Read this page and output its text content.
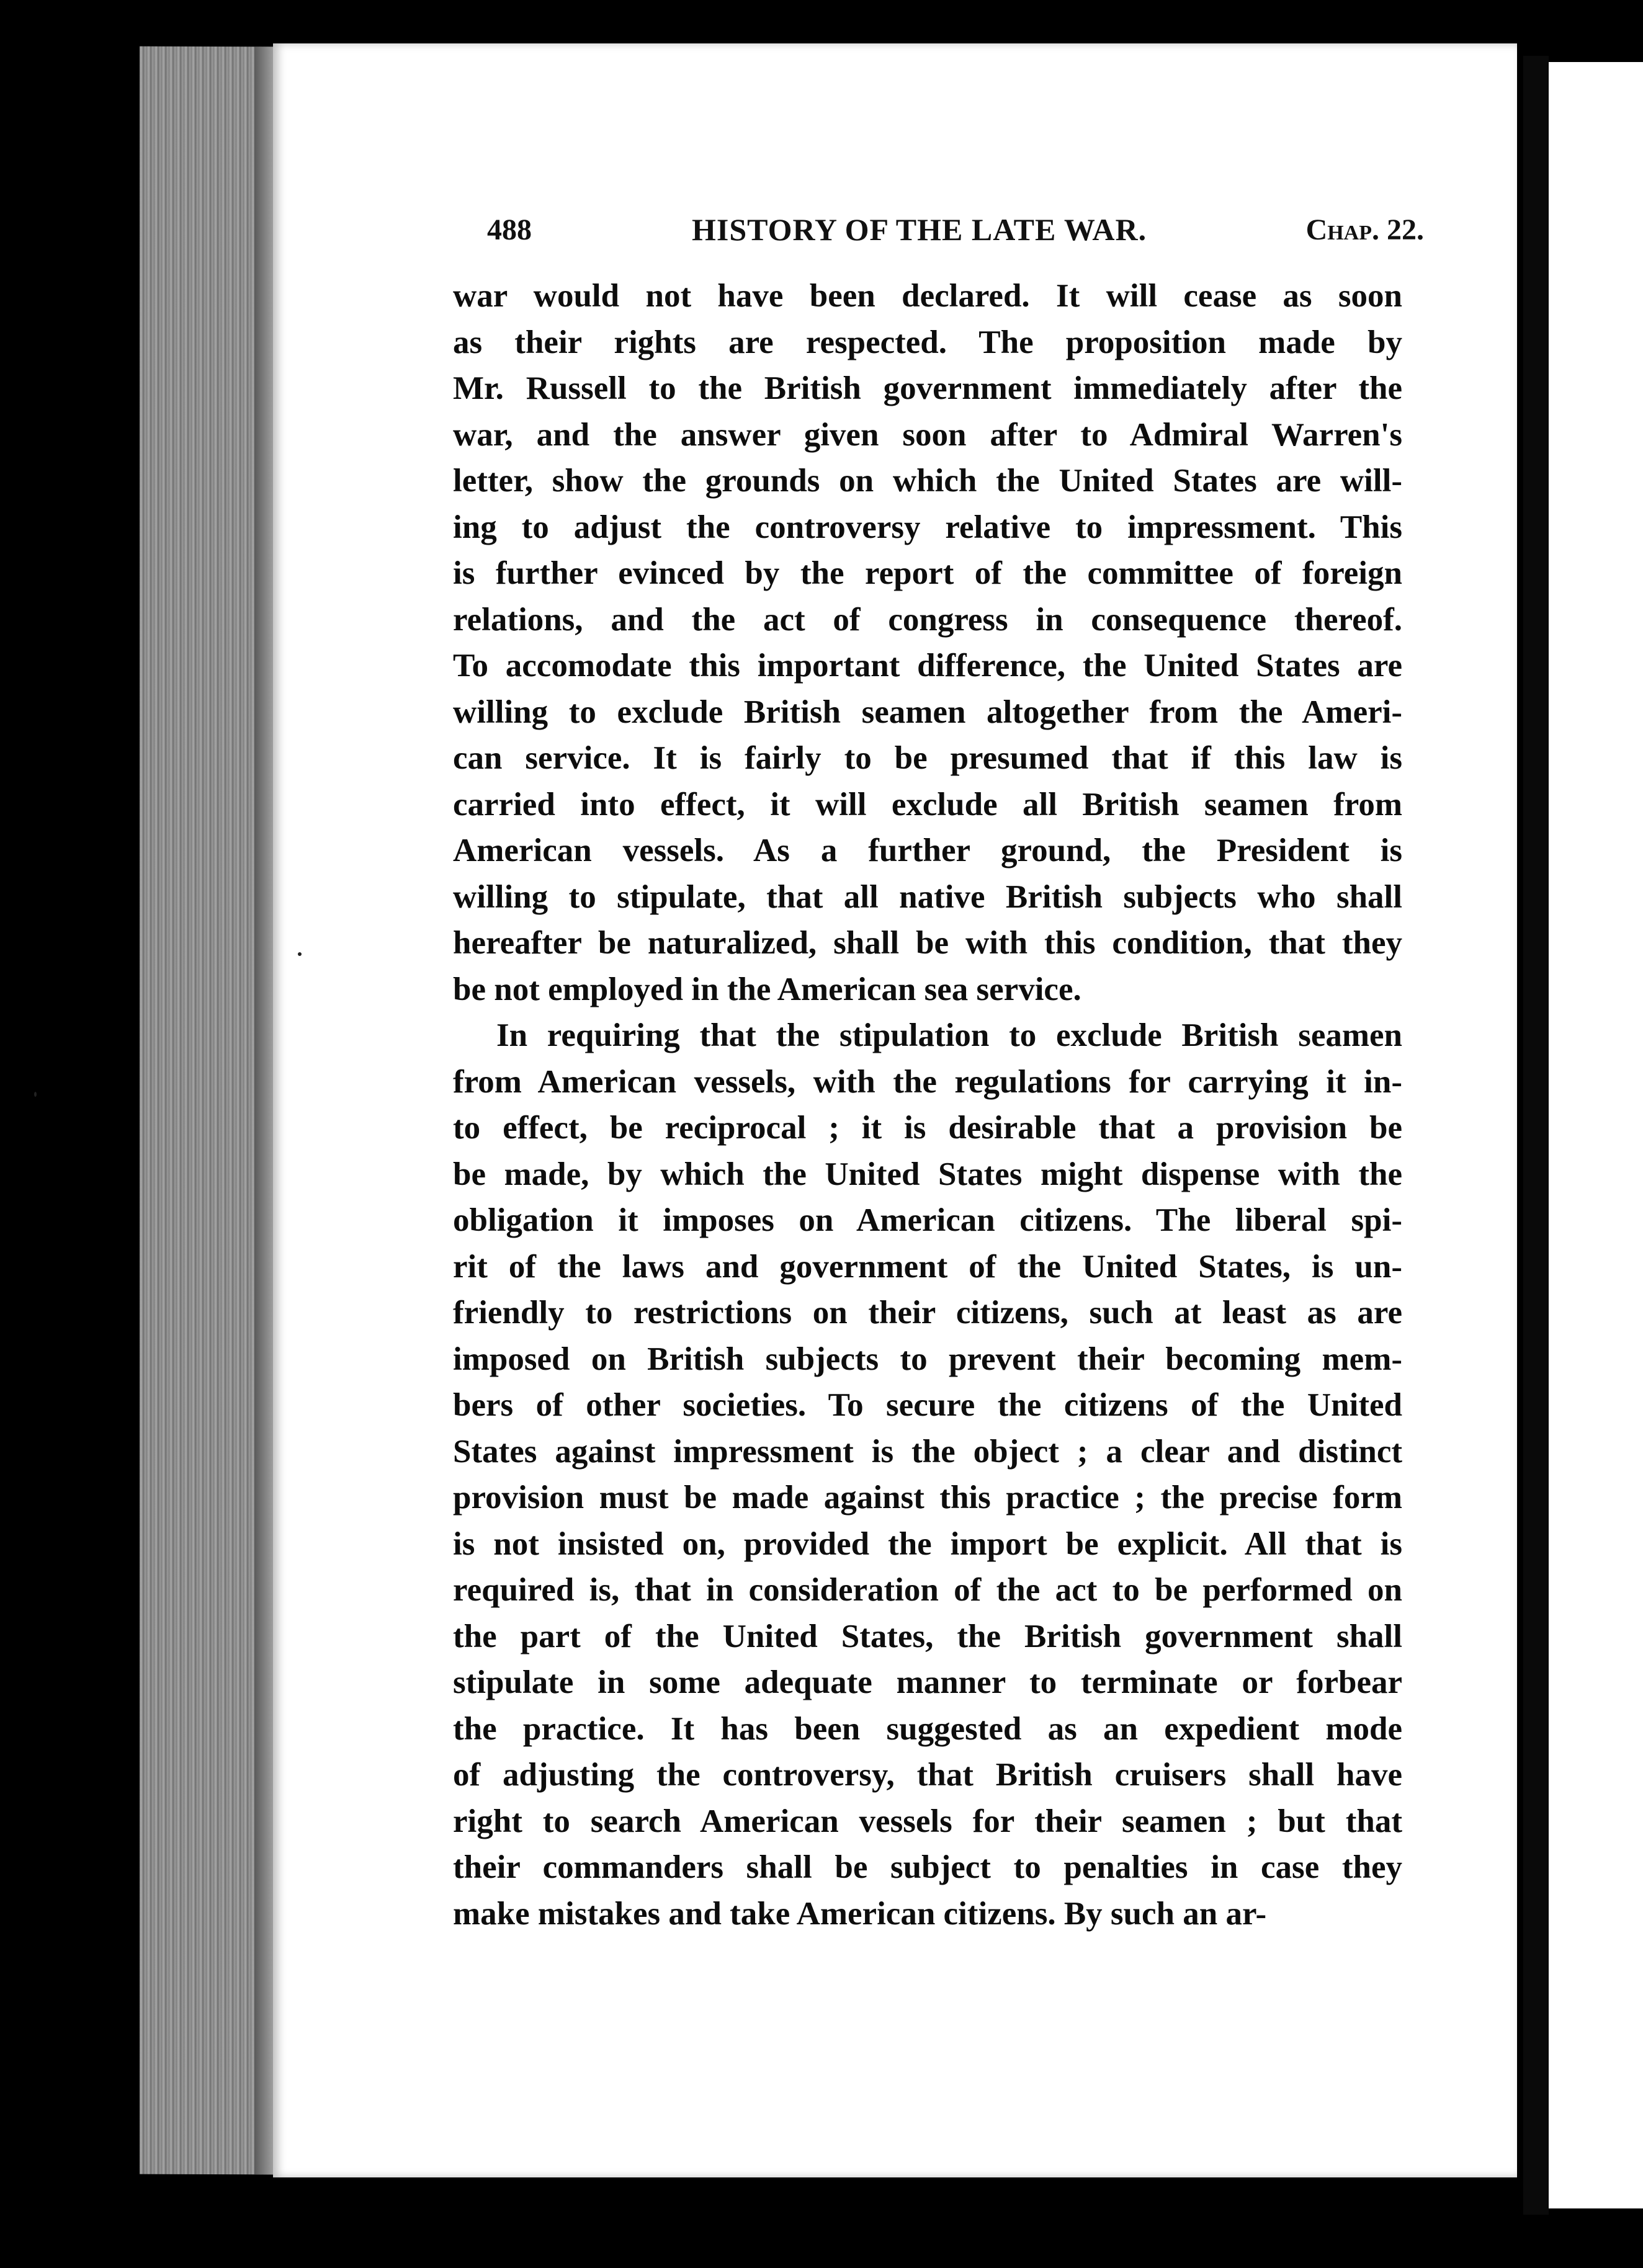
488	HISTORY OF THE LATE WAR.	Chap. 22.

war would not have been declared. It will cease as soon
as their rights are respected. The proposition made by
Mr. Russell to the British government immediately after the
war, and the answer given soon after to Admiral Warren's
letter, show the grounds on which the United States are will-
ing to adjust the controversy relative to impressment. This
is further evinced by the report of the committee of foreign
relations, and the act of congress in consequence thereof.
To accomodate this important difference, the United States are
willing to exclude British seamen altogether from the Ameri-
can service. It is fairly to be presumed that if this law is
carried into effect, it will exclude all British seamen from
American vessels. As a further ground, the President is
willing to stipulate, that all native British subjects who shall
hereafter be naturalized, shall be with this condition, that they
be not employed in the American sea service.

In requiring that the stipulation to exclude British seamen
from American vessels, with the regulations for carrying it in-
to effect, be reciprocal ; it is desirable that a provision be
be made, by which the United States might dispense with the
obligation it imposes on American citizens. The liberal spi-
rit of the laws and government of the United States, is un-
friendly to restrictions on their citizens, such at least as are
imposed on British subjects to prevent their becoming mem-
bers of other societies. To secure the citizens of the United
States against impressment is the object ; a clear and distinct
provision must be made against this practice ; the precise form
is not insisted on, provided the import be explicit. All that is
required is, that in consideration of the act to be performed on
the part of the United States, the British government shall
stipulate in some adequate manner to terminate or forbear
the practice. It has been suggested as an expedient mode
of adjusting the controversy, that British cruisers shall have
right to search American vessels for their seamen ; but that
their commanders shall be subject to penalties in case they
make mistakes and take American citizens. By such an ar-
